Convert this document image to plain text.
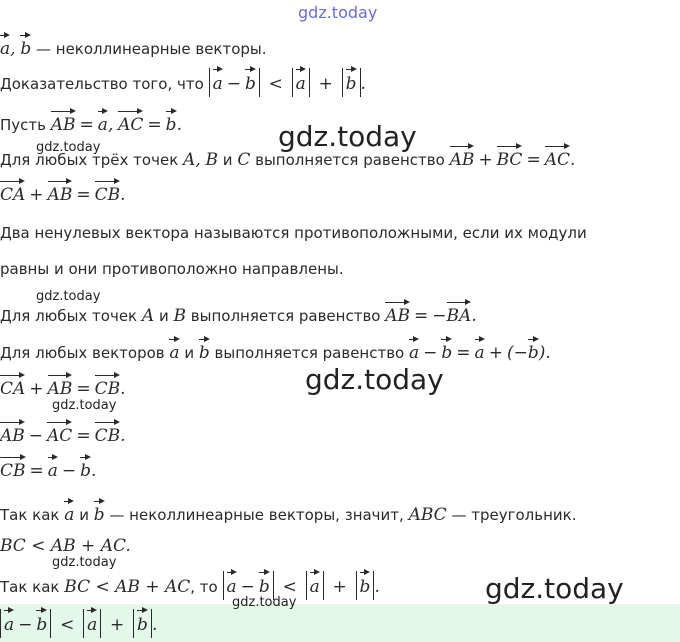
gdz.today
gdz.today
gdz.today
gdz.today
gdz.today
gdz.today
gdz.today
gdz.today
gdz.today
a, b — неколлинеарные векторы.
Доказательство того, что a − b < a + b .
Пусть AB = a, AC = b.
Для любых трёх точек A, B и C выполняется равенство AB + BC = AC.
CA + AB = CB.
Два ненулевых вектора называются противоположными, если их модули
равны и они противоположно направлены.
Для любых точек A и B выполняется равенство AB = −BA.
Для любых векторов a и b выполняется равенство a − b = a + (−b).
CA + AB = CB.
AB − AC = CB.
CB = a − b.
Так как a и b — неколлинеарные векторы, значит, ABC — треугольник.
BC < AB + AC.
Так как BC < AB + AC, то a − b < a + b .
a − b < a + b .
